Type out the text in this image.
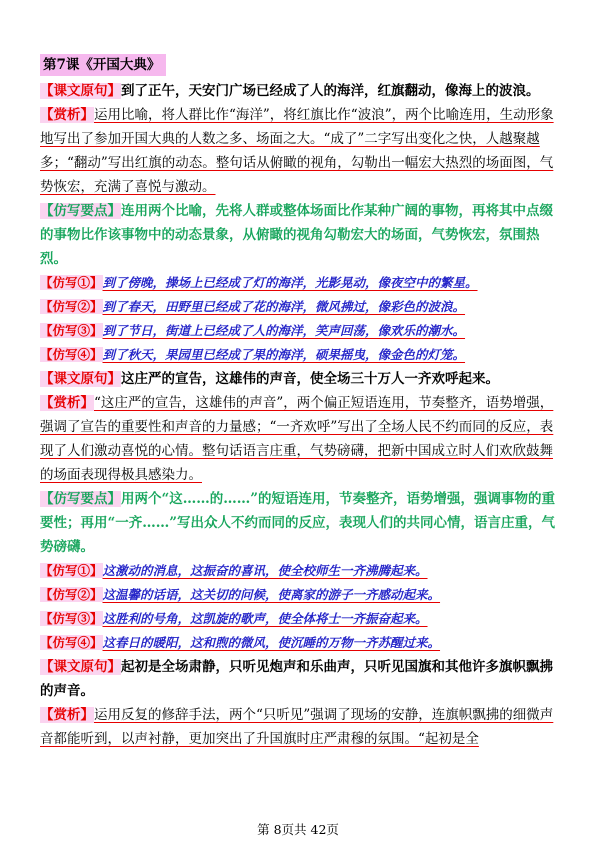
第7课《开国大典》

【课文原句】到了正午，天安门广场已经成了人的海洋，红旗翻动，像海上的波浪。

【赏析】运用比喻，将人群比作“海洋”，将红旗比作“波浪”，两个比喻连用，生动形象地写出了参加开国大典的人数之多、场面之大。“成了”二字写出变化之快，人越聚越多；“翻动”写出红旗的动态。整句话从俯瞰的视角，勾勒出一幅宏大热烈的场面图，气势恢宏，充满了喜悦与激动。

【仿写要点】连用两个比喻，先将人群或整体场面比作某种广阔的事物，再将其中点缀的事物比作该事物中的动态景象，从俯瞰的视角勾勒宏大的场面，气势恢宏，氛围热烈。

【仿写①】到了傍晚，操场上已经成了灯的海洋，光影晃动，像夜空中的繁星。

【仿写②】到了春天，田野里已经成了花的海洋，微风拂过，像彩色的波浪。

【仿写③】到了节日，街道上已经成了人的海洋，笑声回荡，像欢乐的潮水。

【仿写④】到了秋天，果园里已经成了果的海洋，硕果摇曳，像金色的灯笼。

【课文原句】这庄严的宣告，这雄伟的声音，使全场三十万人一齐欢呼起来。

【赏析】“这庄严的宣告，这雄伟的声音”，两个偏正短语连用，节奏整齐，语势增强，强调了宣告的重要性和声音的力量感；“一齐欢呼”写出了全场人民不约而同的反应，表现了人们激动喜悦的心情。整句话语言庄重，气势磅礴，把新中国成立时人们欢欣鼓舞的场面表现得极具感染力。

【仿写要点】用两个“这……的……”的短语连用，节奏整齐，语势增强，强调事物的重要性；再用“一齐……”写出众人不约而同的反应，表现人们的共同心情，语言庄重，气势磅礴。

【仿写①】这激动的消息，这振奋的喜讯，使全校师生一齐沸腾起来。

【仿写②】这温馨的话语，这关切的问候，使离家的游子一齐感动起来。

【仿写③】这胜利的号角，这凯旋的歌声，使全体将士一齐振奋起来。

【仿写④】这春日的暖阳，这和煦的微风，使沉睡的万物一齐苏醒过来。

【课文原句】起初是全场肃静，只听见炮声和乐曲声，只听见国旗和其他许多旗帜飘拂的声音。

【赏析】运用反复的修辞手法，两个“只听见”强调了现场的安静，连旗帜飘拂的细微声音都能听到，以声衬静，更加突出了升国旗时庄严肃穆的氛围。“起初是全

第 8页共 42页
